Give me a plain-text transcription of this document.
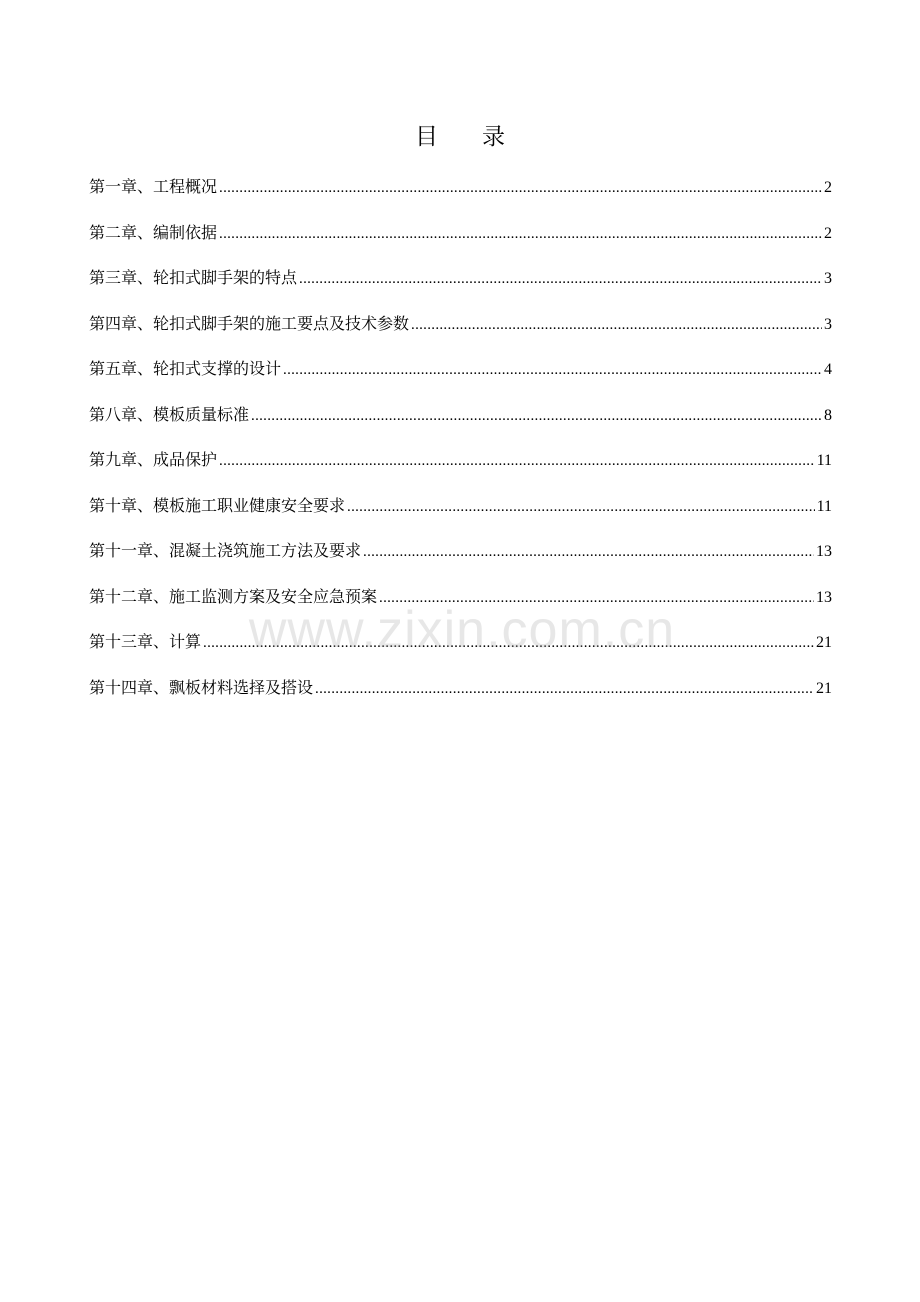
目 录
第一章、工程概况 .....	2
第二章、编制依据 .....	2
第三章、轮扣式脚手架的特点 .....	3
第四章、轮扣式脚手架的施工要点及技术参数 .....	3
第五章、轮扣式支撑的设计 .....	4
第八章、模板质量标准 .....	8
第九章、成品保护 .....	11
第十章、模板施工职业健康安全要求 .....	11
第十一章、混凝土浇筑施工方法及要求 .....	13
第十二章、施工监测方案及安全应急预案 .....	13
第十三章、计算 .....	21
第十四章、飘板材料选择及搭设 .....	21
www.zixin.com.cn
